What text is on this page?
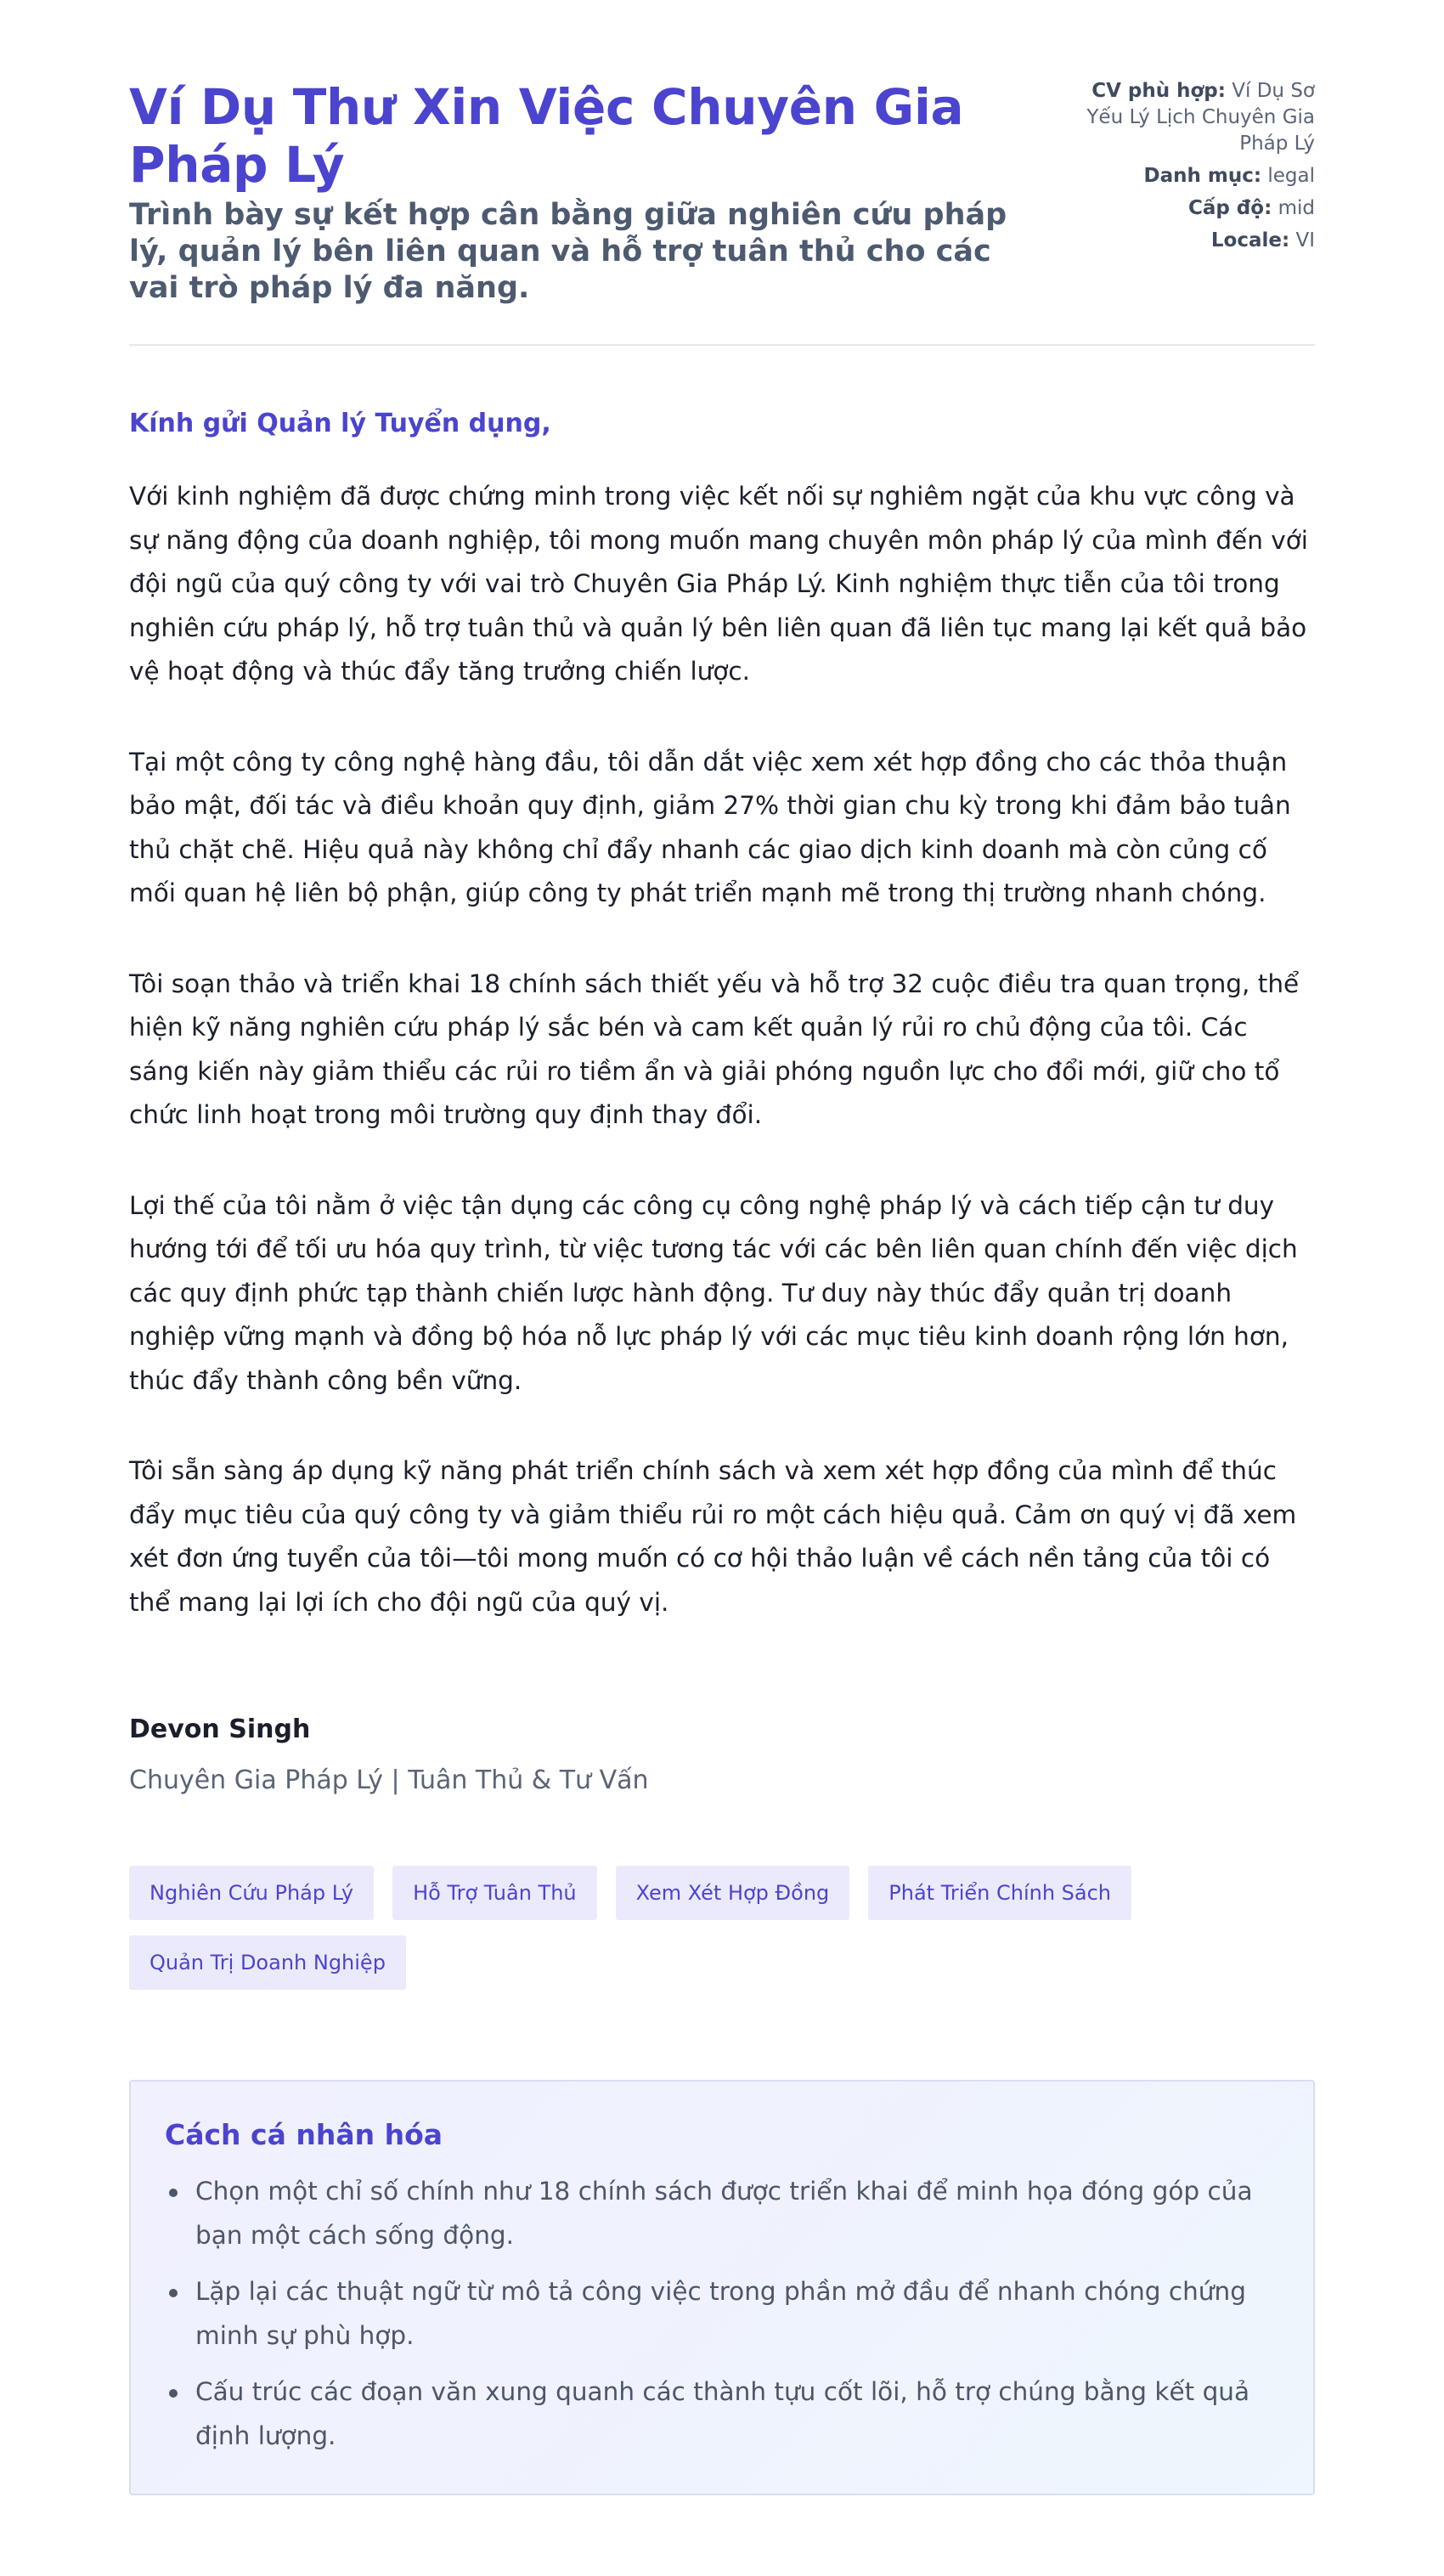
Ví Dụ Thư Xin Việc Chuyên Gia Pháp Lý

Trình bày sự kết hợp cân bằng giữa nghiên cứu pháp lý, quản lý bên liên quan và hỗ trợ tuân thủ cho các vai trò pháp lý đa năng.

CV phù hợp: Ví Dụ Sơ Yếu Lý Lịch Chuyên Gia Pháp Lý
Danh mục: legal
Cấp độ: mid
Locale: VI

Kính gửi Quản lý Tuyển dụng,

Với kinh nghiệm đã được chứng minh trong việc kết nối sự nghiêm ngặt của khu vực công và sự năng động của doanh nghiệp, tôi mong muốn mang chuyên môn pháp lý của mình đến với đội ngũ của quý công ty với vai trò Chuyên Gia Pháp Lý. Kinh nghiệm thực tiễn của tôi trong nghiên cứu pháp lý, hỗ trợ tuân thủ và quản lý bên liên quan đã liên tục mang lại kết quả bảo vệ hoạt động và thúc đẩy tăng trưởng chiến lược.

Tại một công ty công nghệ hàng đầu, tôi dẫn dắt việc xem xét hợp đồng cho các thỏa thuận bảo mật, đối tác và điều khoản quy định, giảm 27% thời gian chu kỳ trong khi đảm bảo tuân thủ chặt chẽ. Hiệu quả này không chỉ đẩy nhanh các giao dịch kinh doanh mà còn củng cố mối quan hệ liên bộ phận, giúp công ty phát triển mạnh mẽ trong thị trường nhanh chóng.

Tôi soạn thảo và triển khai 18 chính sách thiết yếu và hỗ trợ 32 cuộc điều tra quan trọng, thể hiện kỹ năng nghiên cứu pháp lý sắc bén và cam kết quản lý rủi ro chủ động của tôi. Các sáng kiến này giảm thiểu các rủi ro tiềm ẩn và giải phóng nguồn lực cho đổi mới, giữ cho tổ chức linh hoạt trong môi trường quy định thay đổi.

Lợi thế của tôi nằm ở việc tận dụng các công cụ công nghệ pháp lý và cách tiếp cận tư duy hướng tới để tối ưu hóa quy trình, từ việc tương tác với các bên liên quan chính đến việc dịch các quy định phức tạp thành chiến lược hành động. Tư duy này thúc đẩy quản trị doanh nghiệp vững mạnh và đồng bộ hóa nỗ lực pháp lý với các mục tiêu kinh doanh rộng lớn hơn, thúc đẩy thành công bền vững.

Tôi sẵn sàng áp dụng kỹ năng phát triển chính sách và xem xét hợp đồng của mình để thúc đẩy mục tiêu của quý công ty và giảm thiểu rủi ro một cách hiệu quả. Cảm ơn quý vị đã xem xét đơn ứng tuyển của tôi—tôi mong muốn có cơ hội thảo luận về cách nền tảng của tôi có thể mang lại lợi ích cho đội ngũ của quý vị.

Devon Singh

Chuyên Gia Pháp Lý | Tuân Thủ & Tư Vấn

Nghiên Cứu Pháp Lý	Hỗ Trợ Tuân Thủ	Xem Xét Hợp Đồng	Phát Triển Chính Sách
Quản Trị Doanh Nghiệp
Cách cá nhân hóa
Chọn một chỉ số chính như 18 chính sách được triển khai để minh họa đóng góp của bạn một cách sống động.
Lặp lại các thuật ngữ từ mô tả công việc trong phần mở đầu để nhanh chóng chứng minh sự phù hợp.
Cấu trúc các đoạn văn xung quanh các thành tựu cốt lõi, hỗ trợ chúng bằng kết quả định lượng.
